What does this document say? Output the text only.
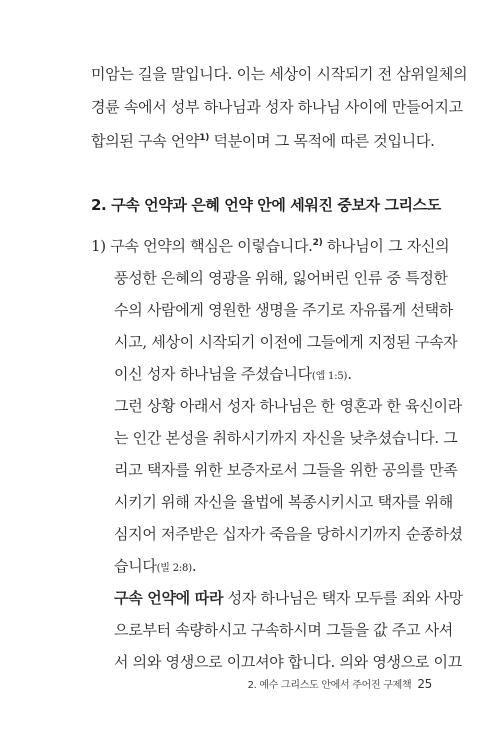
미암는 길을 말입니다. 이는 세상이 시작되기 전 삼위일체의
경륜 속에서 성부 하나님과 성자 하나님 사이에 만들어지고
합의된 구속 언약$^{1)}$ 덕분이며 그 목적에 따른 것입니다.
2. 구속 언약과 은혜 언약 안에 세워진 중보자 그리스도
1) 구속 언약의 핵심은 이렇습니다.$^{2)}$ 하나님이 그 자신의
풍성한 은혜의 영광을 위해, 잃어버린 인류 중 특정한
수의 사람에게 영원한 생명을 주기로 자유롭게 선택하
시고, 세상이 시작되기 이전에 그들에게 지정된 구속자
이신 성자 하나님을 주셨습니다(엡 1:5).
그런 상황 아래서 성자 하나님은 한 영혼과 한 육신이라
는 인간 본성을 취하시기까지 자신을 낮추셨습니다. 그
리고 택자를 위한 보증자로서 그들을 위한 공의를 만족
시키기 위해 자신을 율법에 복종시키시고 택자를 위해
심지어 저주받은 십자가 죽음을 당하시기까지 순종하셨
습니다(빌 2:8).
구속 언약에 따라 성자 하나님은 택자 모두를 죄와 사망
으로부터 속량하시고 구속하시며 그들을 값 주고 사셔
서 의와 영생으로 이끄셔야 합니다. 의와 영생으로 이끄
2. 예수 그리스도 안에서 주어진 구제책 25
